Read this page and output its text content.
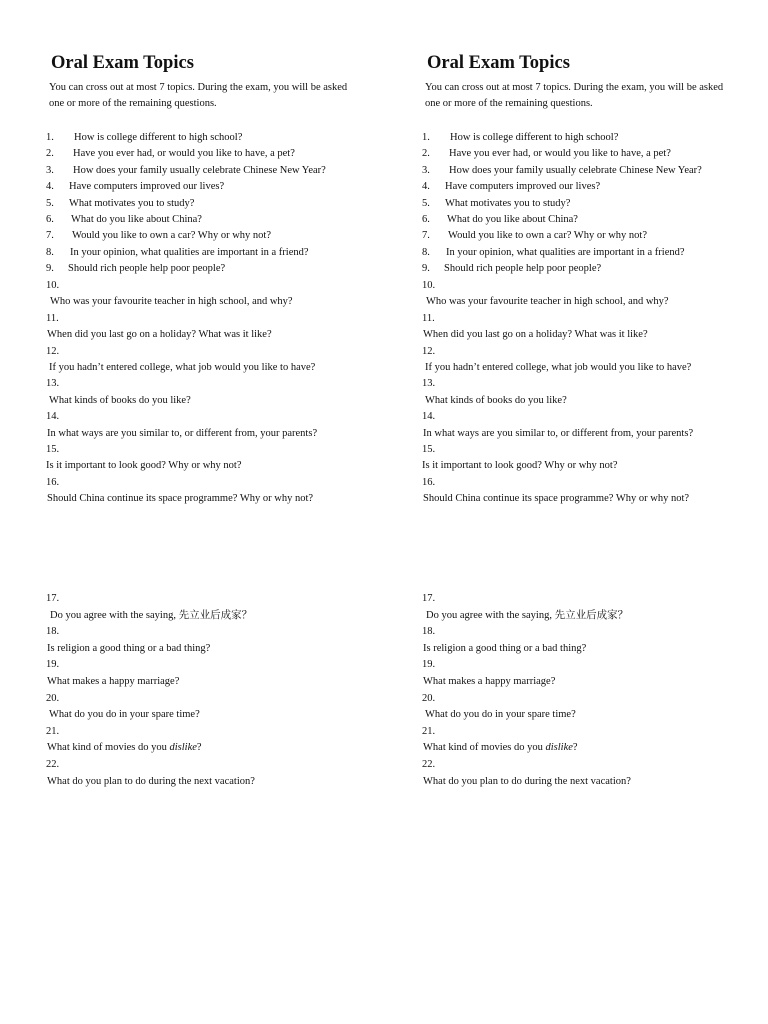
Oral Exam Topics
You can cross out at most 7 topics. During the exam, you will be asked one or more of the remaining questions.
1. How is college different to high school?
2. Have you ever had, or would you like to have, a pet?
3. How does your family usually celebrate Chinese New Year?
4. Have computers improved our lives?
5. What motivates you to study?
6. What do you like about China?
7. Would you like to own a car? Why or why not?
8. In your opinion, what qualities are important in a friend?
9. Should rich people help poor people?
10.
Who was your favourite teacher in high school, and why?
11.
When did you last go on a holiday? What was it like?
12.
If you hadn’t entered college, what job would you like to have?
13.
What kinds of books do you like?
14.
In what ways are you similar to, or different from, your parents?
15.
Is it important to look good? Why or why not?
16.
Should China continue its space programme? Why or why not?
17.
Do you agree with the saying, 先立业后成家？
18.
Is religion a good thing or a bad thing?
19.
What makes a happy marriage?
20.
What do you do in your spare time?
21.
What kind of movies do you dislike?
22.
What do you plan to do during the next vacation?
Oral Exam Topics
You can cross out at most 7 topics. During the exam, you will be asked one or more of the remaining questions.
1. How is college different to high school?
2. Have you ever had, or would you like to have, a pet?
3. How does your family usually celebrate Chinese New Year?
4. Have computers improved our lives?
5. What motivates you to study?
6. What do you like about China?
7. Would you like to own a car? Why or why not?
8. In your opinion, what qualities are important in a friend?
9. Should rich people help poor people?
10.
Who was your favourite teacher in high school, and why?
11.
When did you last go on a holiday? What was it like?
12.
If you hadn’t entered college, what job would you like to have?
13.
What kinds of books do you like?
14.
In what ways are you similar to, or different from, your parents?
15.
Is it important to look good? Why or why not?
16.
Should China continue its space programme? Why or why not?
17.
Do you agree with the saying, 先立业后成家？
18.
Is religion a good thing or a bad thing?
19.
What makes a happy marriage?
20.
What do you do in your spare time?
21.
What kind of movies do you dislike?
22.
What do you plan to do during the next vacation?
